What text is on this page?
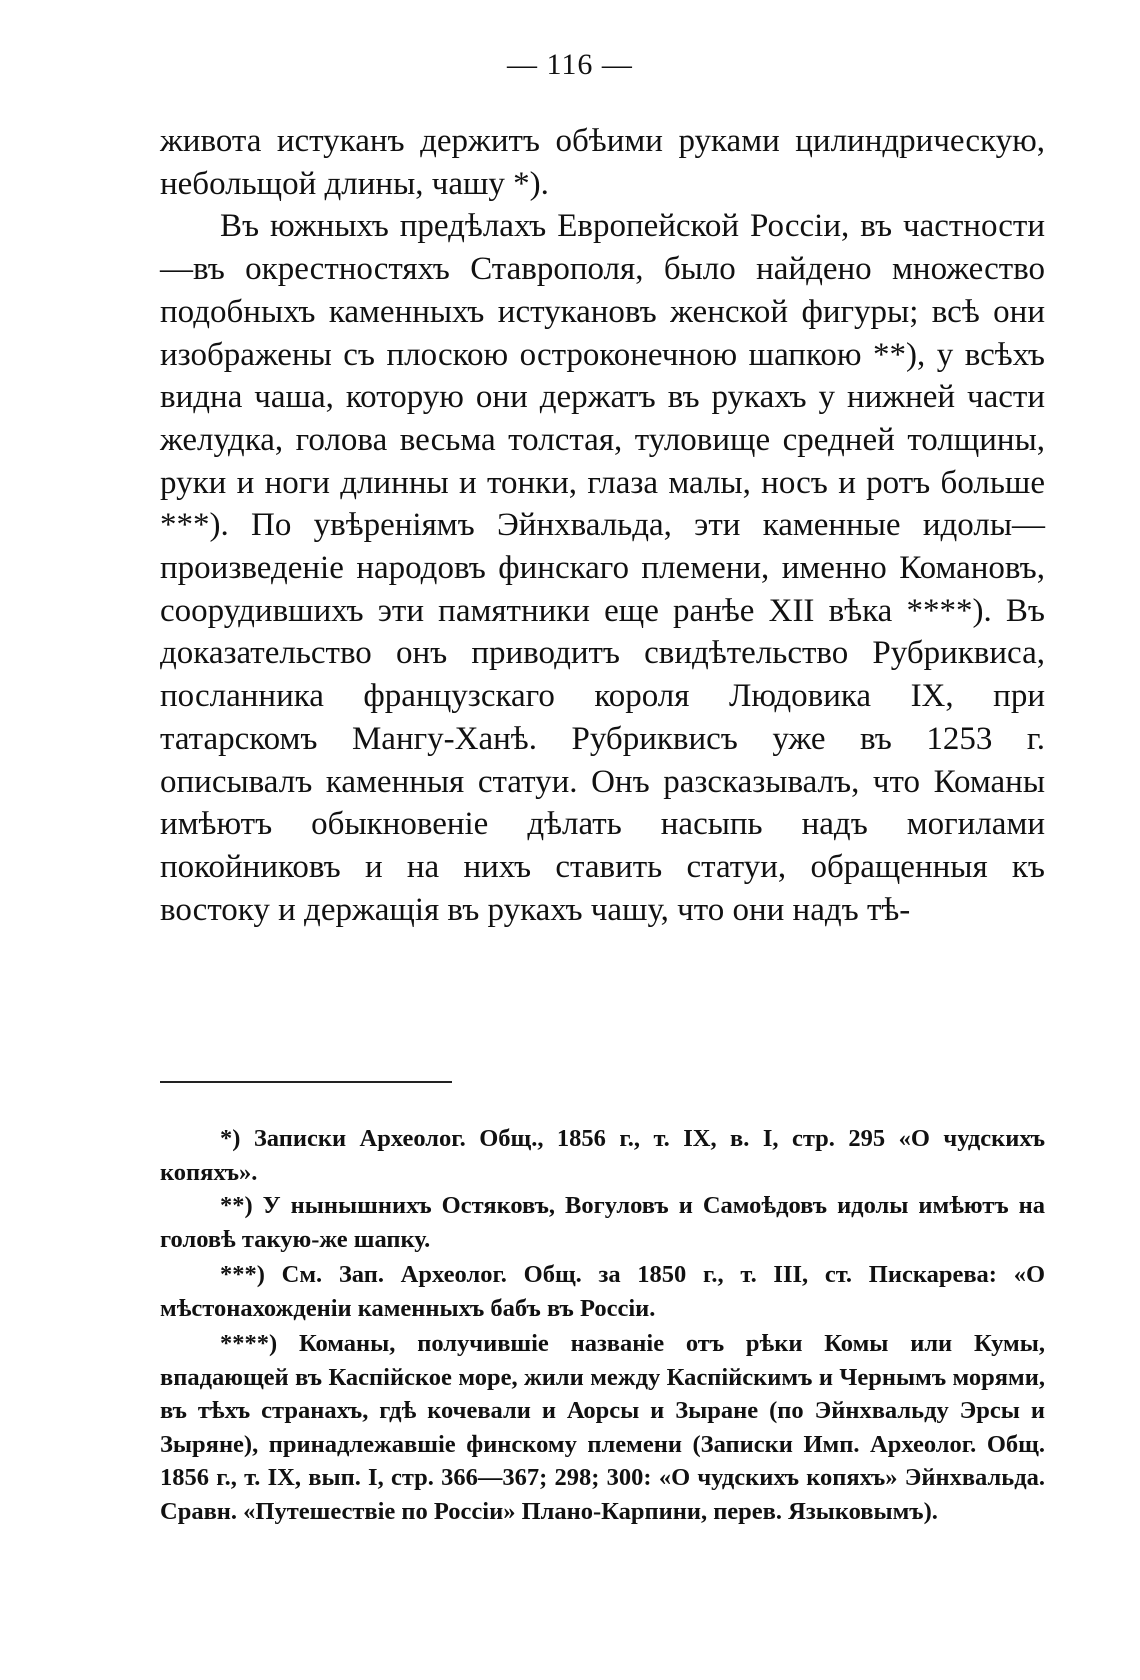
— 116 —

живота истуканъ держитъ обѣими руками цилиндрическую, небольщой длины, чашу *).

Въ южныхъ предѣлахъ Европейской Россіи, въ частности—въ окрестностяхъ Ставрополя, было найдено множество подобныхъ каменныхъ истукановъ женской фигуры; всѣ они изображены съ плоскою остроконечною шапкою **), у всѣхъ видна чаша, которую они держатъ въ рукахъ у нижней части желудка, голова весьма толстая, туловище средней толщины, руки и ноги длинны и тонки, глаза малы, носъ и ротъ больше ***). По увѣреніямъ Эйнхвальда, эти каменные идолы—произведеніе народовъ финскаго племени, именно Комановъ, соорудившихъ эти памятники еще ранѣе XII вѣка ****). Въ доказательство онъ приводитъ свидѣтельство Рубриквиса, посланника французскаго короля Людовика IX, при татарскомъ Мангу-Ханѣ. Рубриквисъ уже въ 1253 г. описывалъ каменныя статуи. Онъ разсказывалъ, что Команы имѣютъ обыкновеніе дѣлать насыпь надъ могилами покойниковъ и на нихъ ставить статуи, обращенныя къ востоку и держащія въ рукахъ чашу, что они надъ тѣ-

*) Записки Археолог. Общ., 1856 г., т. IX, в. I, стр. 295 «О чудскихъ копяхъ».

**) У нынышнихъ Остяковъ, Вогуловъ и Самоѣдовъ идолы имѣютъ на головѣ такую-же шапку.

***) См. Зап. Археолог. Общ. за 1850 г., т. III, ст. Пискарева: «О мѣстонахожденіи каменныхъ бабъ въ Россіи.

****) Команы, получившіе названіе отъ рѣки Комы или Кумы, впадающей въ Каспійское море, жили между Каспійскимъ и Чернымъ морями, въ тѣхъ странахъ, гдѣ кочевали и Аорсы и Зыране (по Эйнхвальду Эрсы и Зыряне), принадлежавшіе финскому племени (Записки Имп. Археолог. Общ. 1856 г., т. IX, вып. I, стр. 366—367; 298; 300: «О чудскихъ копяхъ» Эйнхвальда. Сравн. «Путешествіе по Россіи» Плано-Карпини, перев. Языковымъ).
